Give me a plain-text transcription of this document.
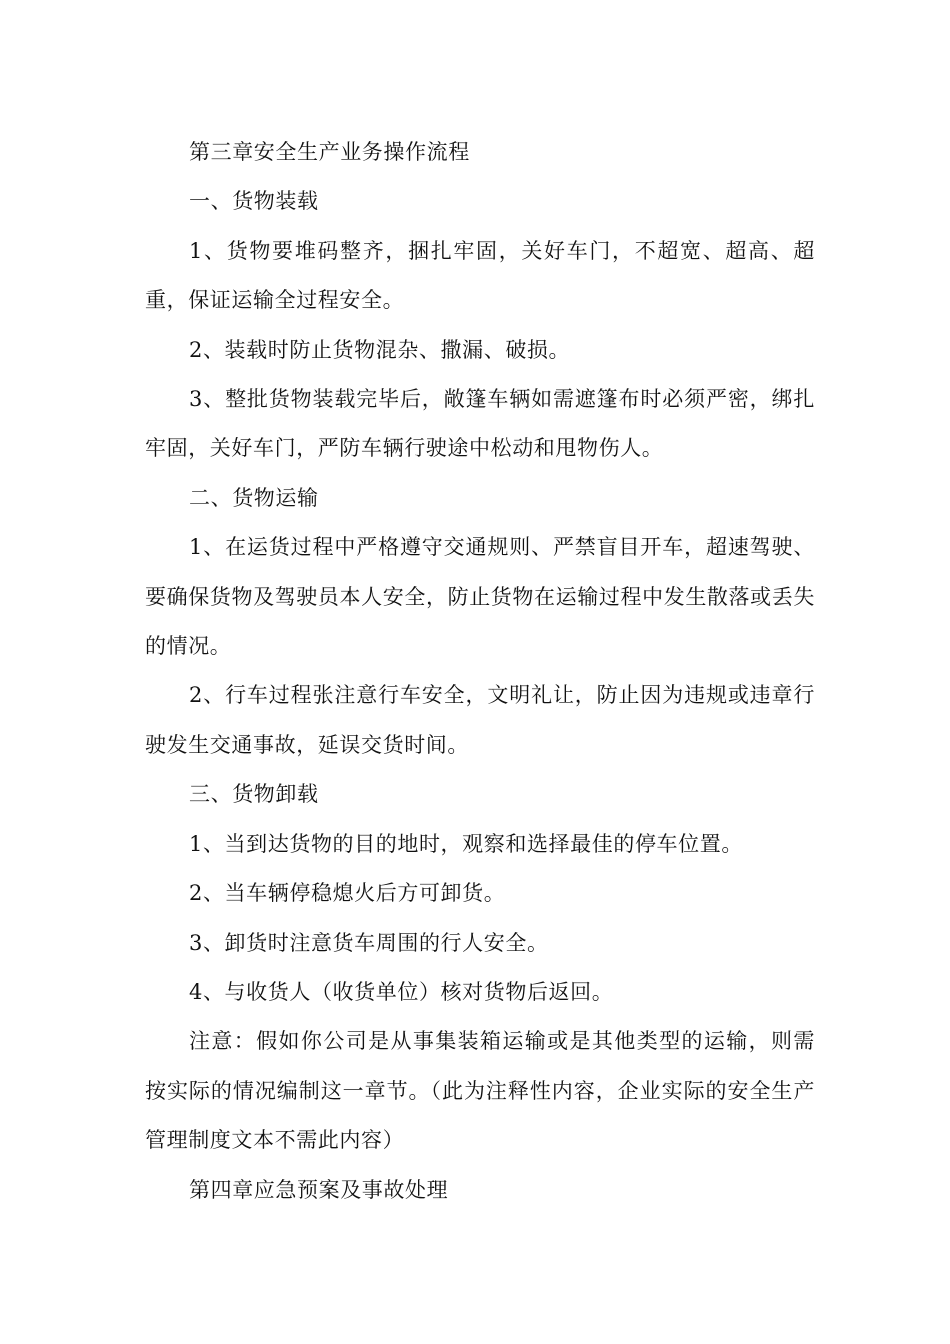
第三章安全生产业务操作流程

一、货物装载

1、货物要堆码整齐，捆扎牢固，关好车门，不超宽、超高、超重，保证运输全过程安全。

2、装载时防止货物混杂、撒漏、破损。

3、整批货物装载完毕后，敞篷车辆如需遮篷布时必须严密，绑扎牢固，关好车门，严防车辆行驶途中松动和甩物伤人。

二、货物运输

1、在运货过程中严格遵守交通规则、严禁盲目开车，超速驾驶、要确保货物及驾驶员本人安全，防止货物在运输过程中发生散落或丢失的情况。

2、行车过程张注意行车安全，文明礼让，防止因为违规或违章行驶发生交通事故，延误交货时间。

三、货物卸载

1、当到达货物的目的地时，观察和选择最佳的停车位置。

2、当车辆停稳熄火后方可卸货。

3、卸货时注意货车周围的行人安全。

4、与收货人（收货单位）核对货物后返回。

注意：假如你公司是从事集装箱运输或是其他类型的运输，则需按实际的情况编制这一章节。（此为注释性内容，企业实际的安全生产管理制度文本不需此内容）

第四章应急预案及事故处理
